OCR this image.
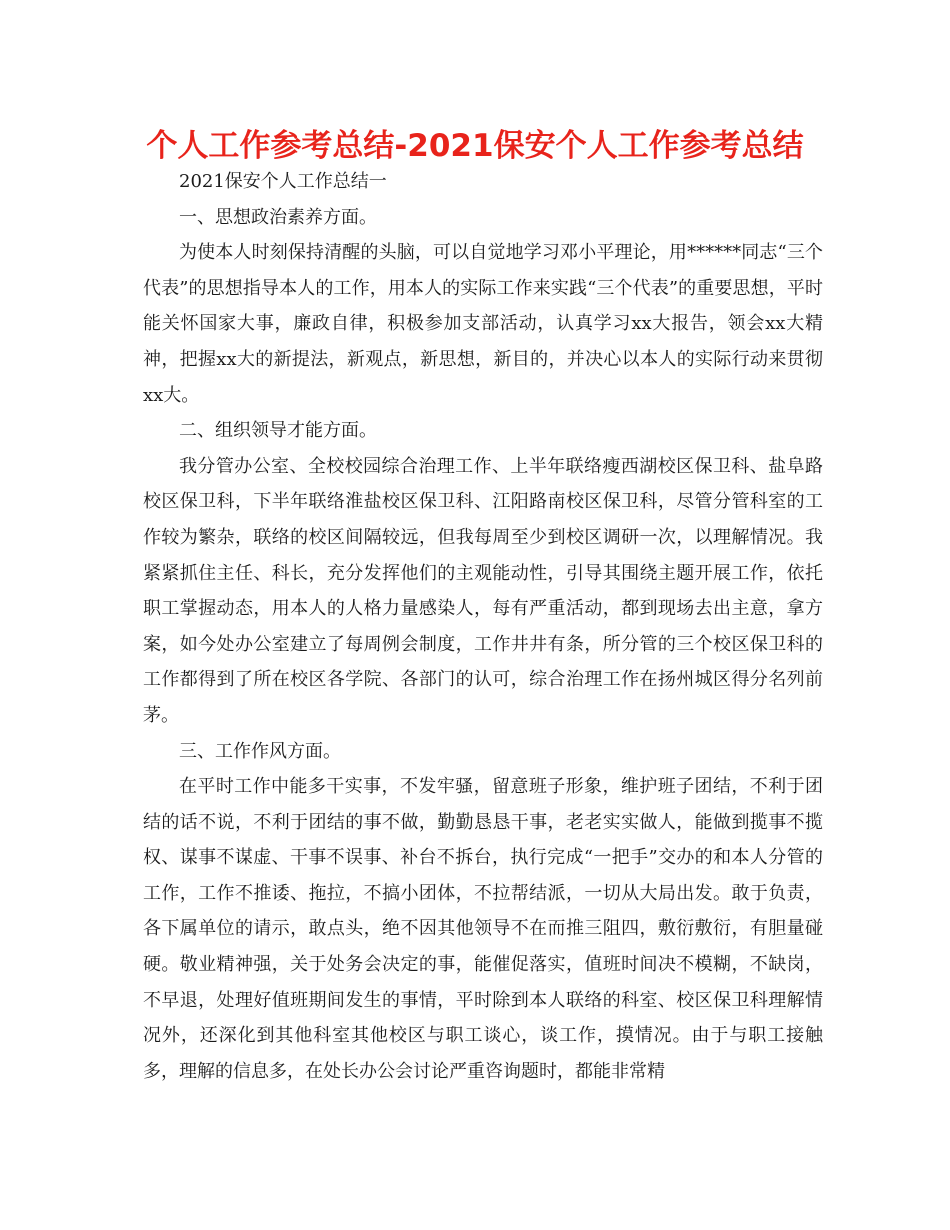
个人工作参考总结-2021保安个人工作参考总结

2021保安个人工作总结一

一、思想政治素养方面。

为使本人时刻保持清醒的头脑，可以自觉地学习邓小平理论，用******同志“三个代表”的思想指导本人的工作，用本人的实际工作来实践“三个代表”的重要思想，平时能关怀国家大事，廉政自律，积极参加支部活动，认真学习xx大报告，领会xx大精神，把握xx大的新提法，新观点，新思想，新目的，并决心以本人的实际行动来贯彻xx大。

二、组织领导才能方面。

我分管办公室、全校校园综合治理工作、上半年联络瘦西湖校区保卫科、盐阜路校区保卫科，下半年联络淮盐校区保卫科、江阳路南校区保卫科，尽管分管科室的工作较为繁杂，联络的校区间隔较远，但我每周至少到校区调研一次，以理解情况。我紧紧抓住主任、科长，充分发挥他们的主观能动性，引导其围绕主题开展工作，依托职工掌握动态，用本人的人格力量感染人，每有严重活动，都到现场去出主意，拿方案，如今处办公室建立了每周例会制度，工作井井有条，所分管的三个校区保卫科的工作都得到了所在校区各学院、各部门的认可，综合治理工作在扬州城区得分名列前茅。

三、工作作风方面。

在平时工作中能多干实事，不发牢骚，留意班子形象，维护班子团结，不利于团结的话不说，不利于团结的事不做，勤勤恳恳干事，老老实实做人，能做到揽事不揽权、谋事不谋虚、干事不误事、补台不拆台，执行完成“一把手”交办的和本人分管的工作，工作不推诿、拖拉，不搞小团体，不拉帮结派，一切从大局出发。敢于负责，各下属单位的请示，敢点头，绝不因其他领导不在而推三阻四，敷衍敷衍，有胆量碰硬。敬业精神强，关于处务会决定的事，能催促落实，值班时间决不模糊，不缺岗，不早退，处理好值班期间发生的事情，平时除到本人联络的科室、校区保卫科理解情况外，还深化到其他科室其他校区与职工谈心，谈工作，摸情况。由于与职工接触多，理解的信息多，在处长办公会讨论严重咨询题时，都能非常精
